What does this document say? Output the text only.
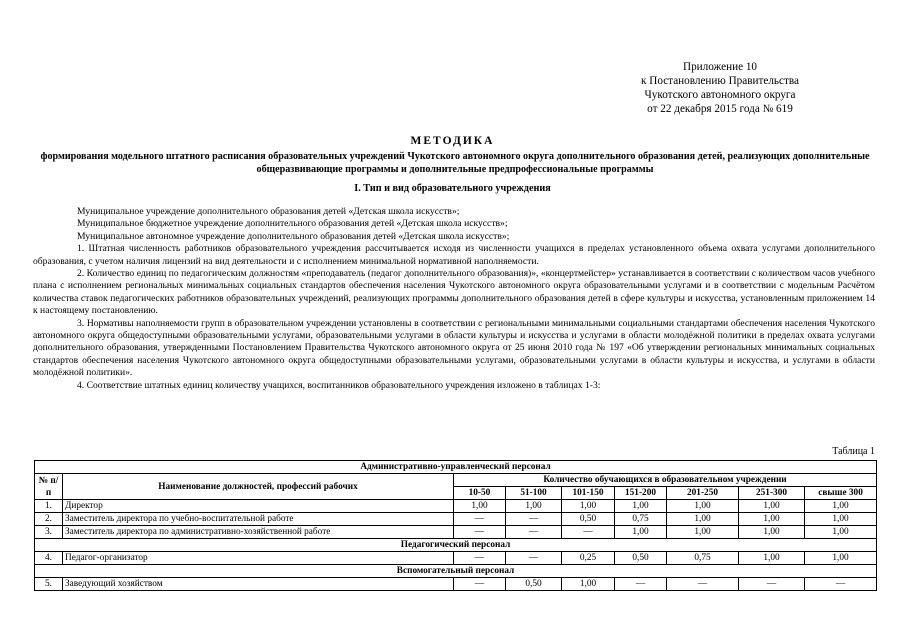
Приложение 10
к Постановлению Правительства
Чукотского автономного округа
от 22 декабря 2015 года № 619
МЕТОДИКА
формирования модельного штатного расписания образовательных учреждений Чукотского автономного округа дополнительного образования детей, реализующих дополнительные общеразвивающие программы и дополнительные предпрофессиональные программы
I. Тип и вид образовательного учреждения

Муниципальное учреждение дополнительного образования детей «Детская школа искусств»;

Муниципальное бюджетное учреждение дополнительного образования детей «Детская школа искусств»;

Муниципальное автономное учреждение дополнительного образования детей «Детская школа искусств»;

1. Штатная численность работников образовательного учреждения рассчитывается исходя из численности учащихся в пределах установленного объема охвата услугами дополнительного образования, с учетом наличия лицензий на вид деятельности и с исполнением минимальной нормативной наполняемости.

2. Количество единиц по педагогическим должностям «преподаватель (педагог дополнительного образования)», «концертмейстер» устанавливается в соответствии с количеством часов учебного плана с исполнением региональных минимальных социальных стандартов обеспечения населения Чукотского автономного округа образовательными услугами и в соответствии с модельным Расчётом количества ставок педагогических работников образовательных учреждений, реализующих программы дополнительного образования детей в сфере культуры и искусства, установленным приложением 14 к настоящему постановлению.

3. Нормативы наполняемости групп в образовательном учреждении установлены в соответствии с региональными минимальными социальными стандартами обеспечения населения Чукотского автономного округа общедоступными образовательными услугами, образовательными услугами в области культуры и искусства и услугами в области молодёжной политики в пределах охвата услугами дополнительного образования, утвержденными Постановлением Правительства Чукотского автономного округа от 25 июня 2010 года № 197 «Об утверждении региональных минимальных социальных стандартов обеспечения населения Чукотского автономного округа общедоступными образовательными услугами, образовательными услугами в области культуры и искусства, и услугами в области молодёжной политики».

4. Соответствие штатных единиц количеству учащихся, воспитанников образовательного учреждения изложено в таблицах 1-3:

Таблица 1
Административно-управленческий персонал								
№ п/п	Наименование должностей, профессий рабочих	Количество обучающихся в образовательном учреждении						
		10-50	51-100	101-150	151-200	201-250	251-300	свыше 300
1.	Директор	1,00	1,00	1,00	1,00	1,00	1,00	1,00
2.	Заместитель директора по учебно-воспитательной работе	—	—	0,50	0,75	1,00	1,00	1,00
3.	Заместитель директора по административно-хозяйственной работе	—	—	—	1,00	1,00	1,00	1,00
Педагогический персонал								
4.	Педагог-организатор	—	—	0,25	0,50	0,75	1,00	1,00
Вспомогательный персонал								
5.	Заведующий хозяйством	—	0,50	1,00	—	—	—	—
